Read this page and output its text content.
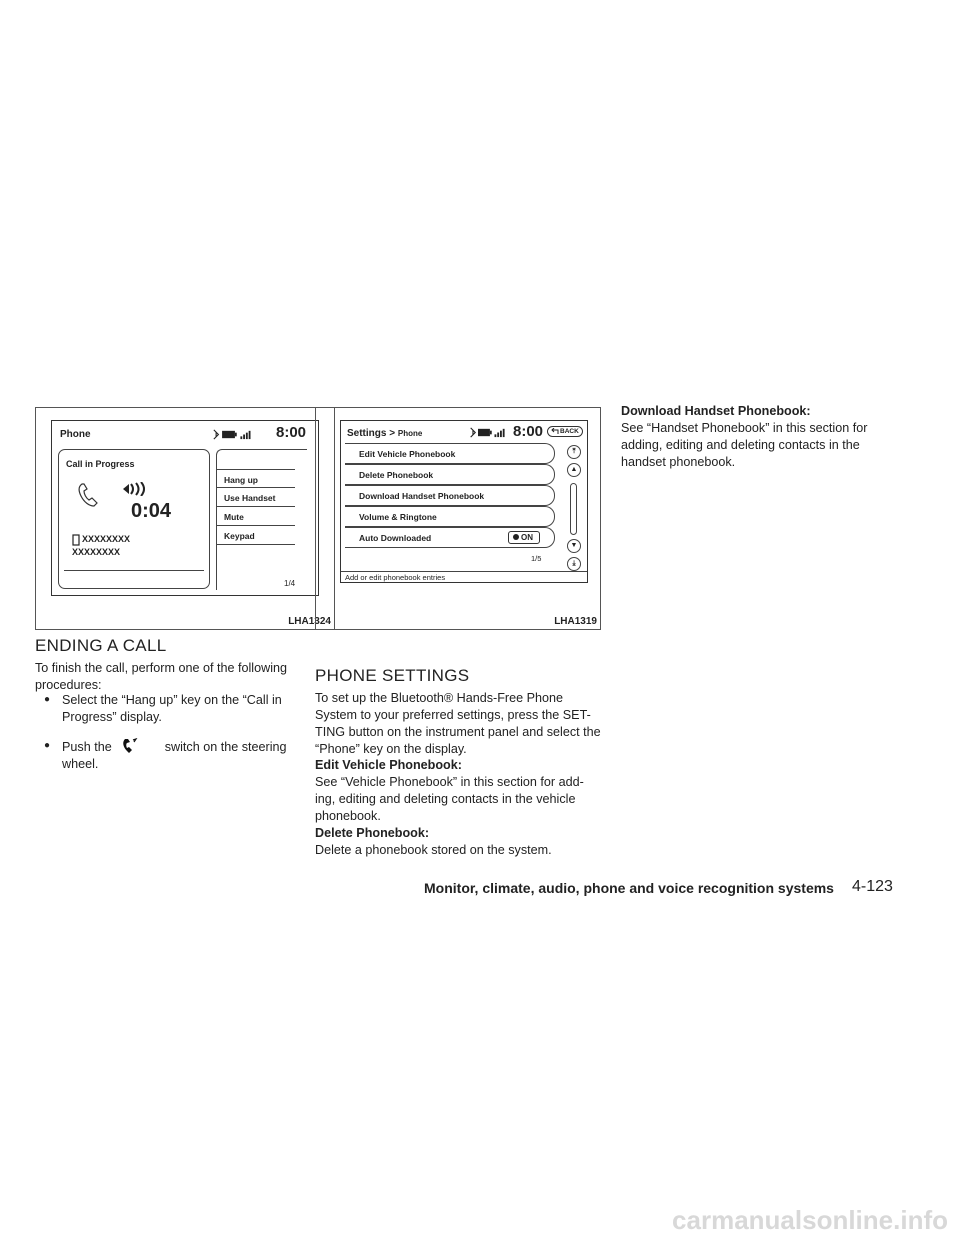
Phone	8:00
Call in Progress
0:04
XXXXXXXX
XXXXXXXX
Hang up
Use Handset
Mute
Keypad
1/4
LHA1324
Settings > Phone	8:00	BACK
Edit Vehicle Phonebook
Delete Phonebook
Download Handset Phonebook
Volume & Ringtone
Auto Downloaded	ON
1/5
⤒
▲
▼
⤓
Add or edit phonebook entries
LHA1319
ENDING A CALL
To finish the call, perform one of the following procedures:
● Select the “Hang up” key on the “Call in Progress” display.
● Push the	switch on the steering wheel.
PHONE SETTINGS
To set up the Bluetooth® Hands-Free Phone System to your preferred settings, press the SET-TING button on the instrument panel and select the “Phone” key on the display.
Edit Vehicle Phonebook:
See “Vehicle Phonebook” in this section for add-ing, editing and deleting contacts in the vehicle phonebook.
Delete Phonebook:
Delete a phonebook stored on the system.
Download Handset Phonebook:
See “Handset Phonebook” in this section for adding, editing and deleting contacts in the handset phonebook.
Monitor, climate, audio, phone and voice recognition systems 4-123
carmanualsonline.info
